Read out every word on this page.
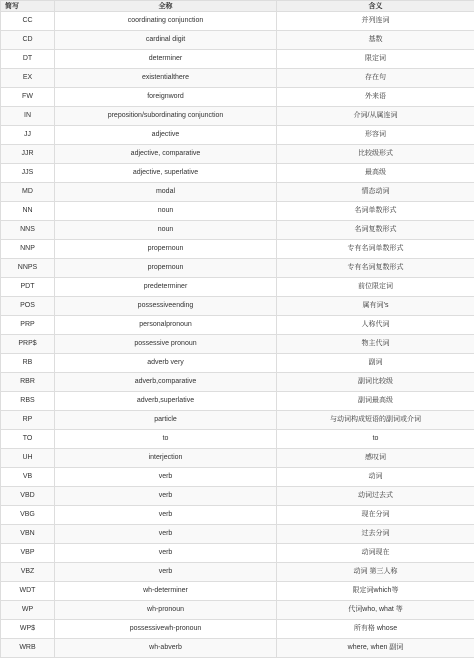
简写	全称	含义
CC	coordinating conjunction	并列连词
CD	cardinal digit	基数
DT	determiner	限定词
EX	existentialthere	存在句
FW	foreignword	外来语
IN	preposition/subordinating conjunction	介词/从属连词
JJ	adjective	形容词
JJR	adjective, comparative	比较级形式
JJS	adjective, superlative	最高级
MD	modal	情态动词
NN	noun	名词单数形式
NNS	noun	名词复数形式
NNP	propernoun	专有名词单数形式
NNPS	propernoun	专有名词复数形式
PDT	predeterminer	前位限定词
POS	possessiveending	属有词’s
PRP	personalpronoun	人称代词
PRP$	possessive pronoun	物主代词
RB	adverb very	副词
RBR	adverb,comparative	副词比较级
RBS	adverb,superlative	副词最高级
RP	particle	与动词构成短语的副词或介词
TO	to	to
UH	interjection	感叹词
VB	verb	动词
VBD	verb	动词过去式
VBG	verb	现在分词
VBN	verb	过去分词
VBP	verb	动词现在
VBZ	verb	动词 第三人称
WDT	wh-determiner	限定词which等
WP	wh-pronoun	代词who, what 等
WP$	possessivewh-pronoun	所有格 whose
WRB	wh-abverb	where, when 副词
